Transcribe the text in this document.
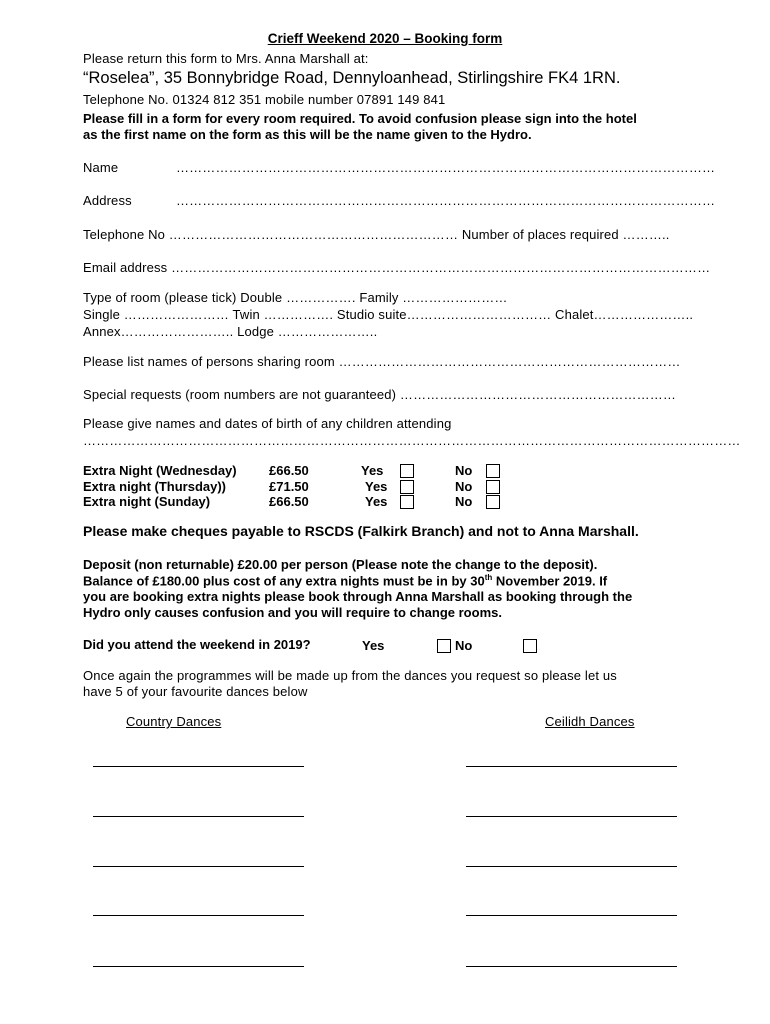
Crieff Weekend 2020 – Booking form
Please return this form to Mrs. Anna Marshall at:
“Roselea”, 35 Bonnybridge Road, Dennyloanhead, Stirlingshire FK4 1RN.
Telephone No. 01324 812 351 mobile number 07891 149 841
Please fill in a form for every room required. To avoid confusion please sign into the hotel
as the first name on the form as this will be the name given to the Hydro.
Name	……………………………………………………………………………………………………………
Address	……………………………………………………………………………………………………………
Telephone No ………………………………………………………… Number of places required ………..
Email address ……………………………………………………………………………………………………………
Type of room (please tick) Double ……………. Family ……………………
Single …………………… Twin ……………. Studio suite…………………………… Chalet…………………..
Annex…………………….. Lodge …………………..
Please list names of persons sharing room ……………………………………………………………………
Special requests (room numbers are not guaranteed) ………………………………………………………
Please give names and dates of birth of any children attending
……………………………………………………………………………………………………………………………………
Extra Night (Wednesday) £66.50	Yes	No
Extra night (Thursday))	£71.50	Yes	No
Extra night (Sunday)	£66.50	Yes	No
Please make cheques payable to RSCDS (Falkirk Branch) and not to Anna Marshall.
Deposit (non returnable) £20.00 per person (Please note the change to the deposit).
Balance of £180.00 plus cost of any extra nights must be in by 30th November 2019. If
you are booking extra nights please book through Anna Marshall as booking through the
Hydro only causes confusion and you will require to change rooms.
Did you attend the weekend in 2019?	Yes	No
Once again the programmes will be made up from the dances you request so please let us
have 5 of your favourite dances below
Country Dances	Ceilidh Dances
